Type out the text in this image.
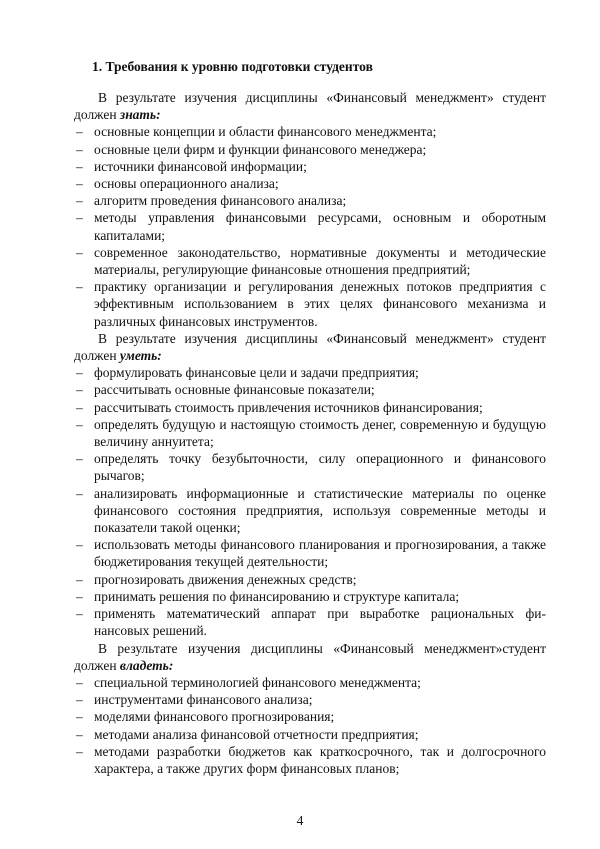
1. Требования к уровню подготовки студентов

В результате изучения дисциплины «Финансовый менеджмент» студент должен знать:

– основные концепции и области финансового менеджмента;
– основные цели фирм и функции финансового менеджера;
– источники финансовой информации;
– основы операционного анализа;
– алгоритм проведения финансового анализа;
– методы управления финансовыми ресурсами, основным и оборотным капиталами;
– современное законодательство, нормативные документы и методические материалы, регулирующие финансовые отношения предприятий;
– практику организации и регулирования денежных потоков предприятия с эффективным использованием в этих целях финансового механизма и различных финансовых инструментов.

В результате изучения дисциплины «Финансовый менеджмент» студент должен уметь:

– формулировать финансовые цели и задачи предприятия;
– рассчитывать основные финансовые показатели;
– рассчитывать стоимость привлечения источников финансирования;
– определять будущую и настоящую стоимость денег, современную и будущую величину аннуитета;
– определять точку безубыточности, силу операционного и финансового рычагов;
– анализировать информационные и статистические материалы по оценке финансового состояния предприятия, используя современные методы и показатели такой оценки;
– использовать методы финансового планирования и прогнозирования, а также бюджетирования текущей деятельности;
– прогнозировать движения денежных средств;
– принимать решения по финансированию и структуре капитала;
– применять математический аппарат при выработке рациональных финансовых решений.

В результате изучения дисциплины «Финансовый менеджмент»студент должен владеть:

– специальной терминологией финансового менеджмента;
– инструментами финансового анализа;
– моделями финансового прогнозирования;
– методами анализа финансовой отчетности предприятия;
– методами разработки бюджетов как краткосрочного, так и долгосрочного характера, а также других форм финансовых планов;
4
